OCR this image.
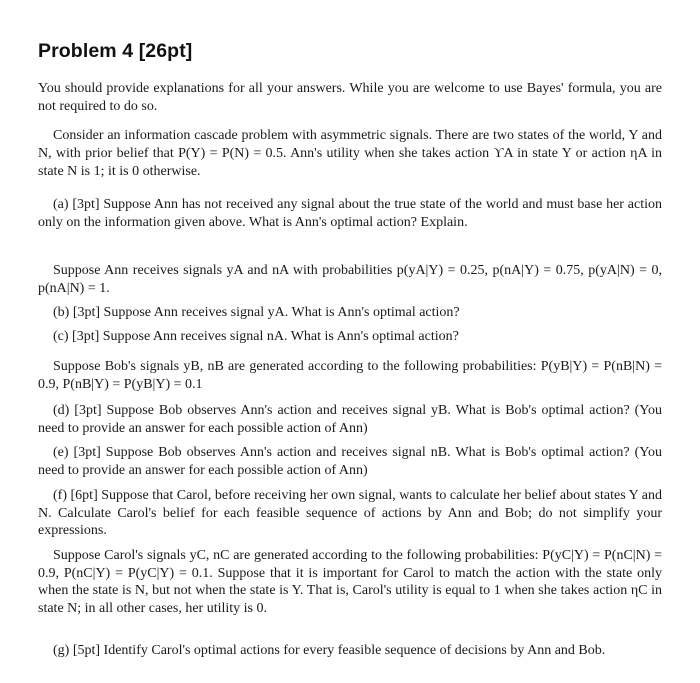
Problem 4 [26pt]

You should provide explanations for all your answers. While you are welcome to use Bayes' formula, you are not required to do so.

Consider an information cascade problem with asymmetric signals. There are two states of the world, Y and N, with prior belief that P(Y) = P(N) = 0.5. Ann's utility when she takes action ϒA in state Y or action ηA in state N is 1; it is 0 otherwise.

(a) [3pt] Suppose Ann has not received any signal about the true state of the world and must base her action only on the information given above. What is Ann's optimal action? Explain.

Suppose Ann receives signals yA and nA with probabilities p(yA|Y) = 0.25, p(nA|Y) = 0.75, p(yA|N) = 0, p(nA|N) = 1.

(b) [3pt] Suppose Ann receives signal yA. What is Ann's optimal action?

(c) [3pt] Suppose Ann receives signal nA. What is Ann's optimal action?

Suppose Bob's signals yB, nB are generated according to the following probabilities: P(yB|Y) = P(nB|N) = 0.9, P(nB|Y) = P(yB|Y) = 0.1

(d) [3pt] Suppose Bob observes Ann's action and receives signal yB. What is Bob's optimal action? (You need to provide an answer for each possible action of Ann)

(e) [3pt] Suppose Bob observes Ann's action and receives signal nB. What is Bob's optimal action? (You need to provide an answer for each possible action of Ann)

(f) [6pt] Suppose that Carol, before receiving her own signal, wants to calculate her belief about states Y and N. Calculate Carol's belief for each feasible sequence of actions by Ann and Bob; do not simplify your expressions.

Suppose Carol's signals yC, nC are generated according to the following probabilities: P(yC|Y) = P(nC|N) = 0.9, P(nC|Y) = P(yC|Y) = 0.1. Suppose that it is important for Carol to match the action with the state only when the state is N, but not when the state is Y. That is, Carol's utility is equal to 1 when she takes action ηC in state N; in all other cases, her utility is 0.

(g) [5pt] Identify Carol's optimal actions for every feasible sequence of decisions by Ann and Bob.
